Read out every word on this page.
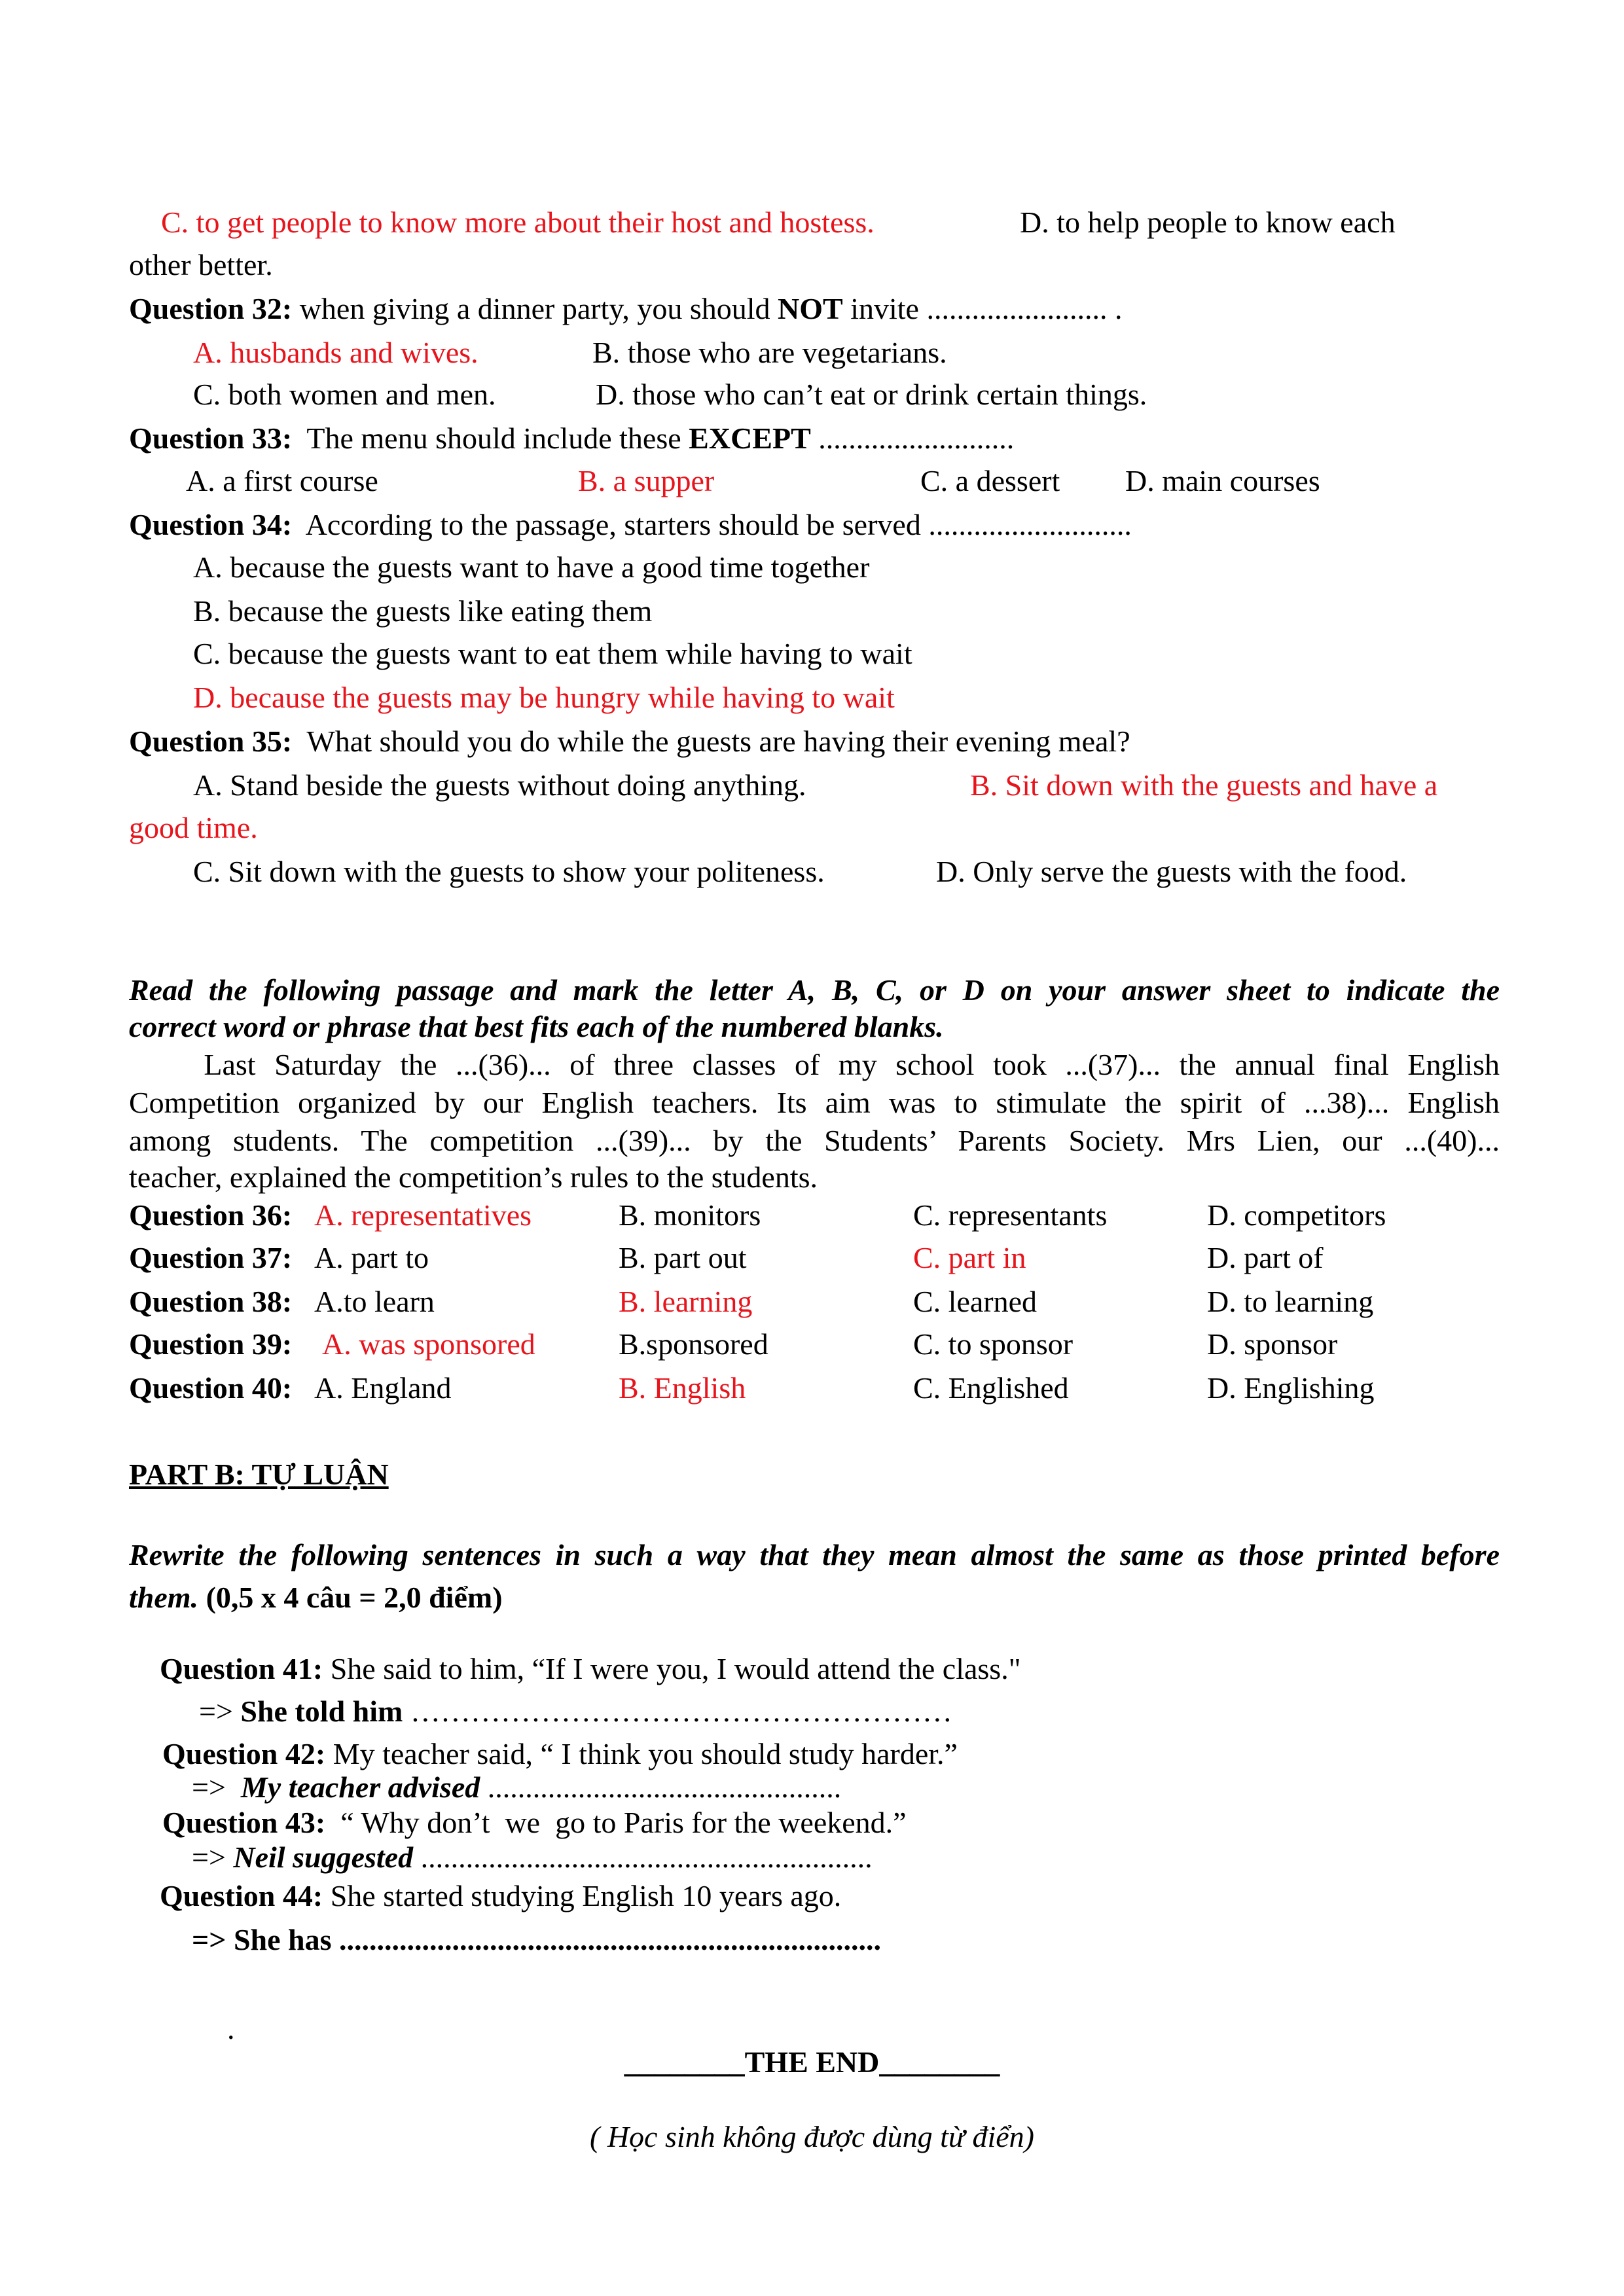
C. to get people to know more about their host and hostess.	D. to help people to know each
other better.
Question 32: when giving a dinner party, you should NOT invite ........................ .
A. husbands and wives.	B. those who are vegetarians.
C. both women and men.	D. those who can’t eat or drink certain things.
Question 33:  The menu should include these EXCEPT ..........................
A. a first course	B. a supper	C. a dessert D. main courses
Question 34:  According to the passage, starters should be served ...........................
A. because the guests want to have a good time together
B. because the guests like eating them
C. because the guests want to eat them while having to wait
D. because the guests may be hungry while having to wait
Question 35:  What should you do while the guests are having their evening meal?
A. Stand beside the guests without doing anything.	B. Sit down with the guests and have a
good time.
C. Sit down with the guests to show your politeness.	D. Only serve the guests with the food.
Read the following passage and mark the letter A, B, C, or D on your answer sheet to indicate the
correct word or phrase that best fits each of the numbered blanks.
Last Saturday the ...(36)... of three classes of my school took ...(37)... the annual final English
Competition organized by our English teachers. Its aim was to stimulate the spirit of ...38)... English
among students. The competition ...(39)... by the Students’ Parents Society. Mrs Lien, our ...(40)...
teacher, explained the competition’s rules to the students.
Question 36: A. representatives	B. monitors	C. representants	D. competitors
Question 37: A. part to	B. part out	C. part in	D. part of
Question 38: A.to learn	B. learning	C. learned	D. to learning
Question 39: A. was sponsored	B.sponsored	C. to sponsor	D. sponsor
Question 40: A. England	B. English	C. Englished	D. Englishing
PART B: TỰ LUẬN
Rewrite the following sentences in such a way that they mean almost the same as those printed before
them. (0,5 x 4 câu = 2,0 điểm)
Question 41: She said to him, “If I were you, I would attend the class."
=> She told him ………………………………………………
Question 42: My teacher said, “ I think you should study harder.”
=>  My teacher advised ...............................................
Question 43:  “ Why don’t  we  go to Paris for the weekend.”
=> Neil suggested ............................................................
Question 44: She started studying English 10 years ago.
=> She has ........................................................................
.
________THE END________
( Học sinh không được dùng từ điển)
